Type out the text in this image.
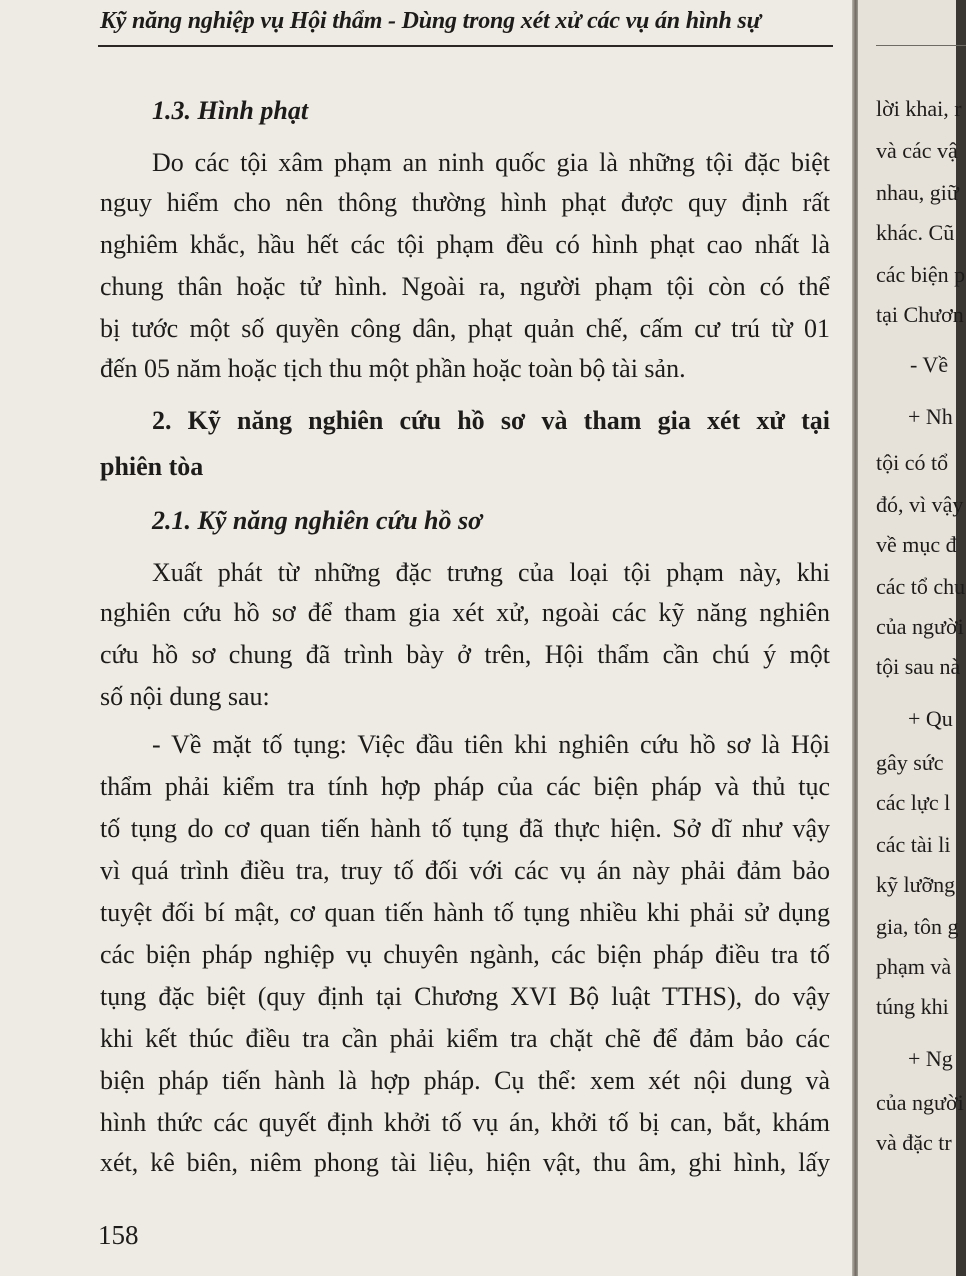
Kỹ năng nghiệp vụ Hội thẩm - Dùng trong xét xử các vụ án hình sự
1.3. Hình phạt
Do các tội xâm phạm an ninh quốc gia là những tội đặc biệt
nguy hiểm cho nên thông thường hình phạt được quy định rất
nghiêm khắc, hầu hết các tội phạm đều có hình phạt cao nhất là
chung thân hoặc tử hình. Ngoài ra, người phạm tội còn có thể
bị tước một số quyền công dân, phạt quản chế, cấm cư trú từ 01
đến 05 năm hoặc tịch thu một phần hoặc toàn bộ tài sản.
2. Kỹ năng nghiên cứu hồ sơ và tham gia xét xử tại
phiên tòa
2.1. Kỹ năng nghiên cứu hồ sơ
Xuất phát từ những đặc trưng của loại tội phạm này, khi
nghiên cứu hồ sơ để tham gia xét xử, ngoài các kỹ năng nghiên
cứu hồ sơ chung đã trình bày ở trên, Hội thẩm cần chú ý một
số nội dung sau:
- Về mặt tố tụng: Việc đầu tiên khi nghiên cứu hồ sơ là Hội
thẩm phải kiểm tra tính hợp pháp của các biện pháp và thủ tục
tố tụng do cơ quan tiến hành tố tụng đã thực hiện. Sở dĩ như vậy
vì quá trình điều tra, truy tố đối với các vụ án này phải đảm bảo
tuyệt đối bí mật, cơ quan tiến hành tố tụng nhiều khi phải sử dụng
các biện pháp nghiệp vụ chuyên ngành, các biện pháp điều tra tố
tụng đặc biệt (quy định tại Chương XVI Bộ luật TTHS), do vậy
khi kết thúc điều tra cần phải kiểm tra chặt chẽ để đảm bảo các
biện pháp tiến hành là hợp pháp. Cụ thể: xem xét nội dung và
hình thức các quyết định khởi tố vụ án, khởi tố bị can, bắt, khám
xét, kê biên, niêm phong tài liệu, hiện vật, thu âm, ghi hình, lấy
158
lời khai, r
và các vậ
nhau, giữ
khác. Cũ
các biện p
tại Chươn
- Về
+ Nh
tội có tổ
đó, vì vậy
về mục đ
các tổ chu
của người
tội sau nà
+ Qu
gây sức
các lực l
các tài li
kỹ lưỡng
gia, tôn g
phạm và
túng khi
+ Ng
của người
và đặc tr
